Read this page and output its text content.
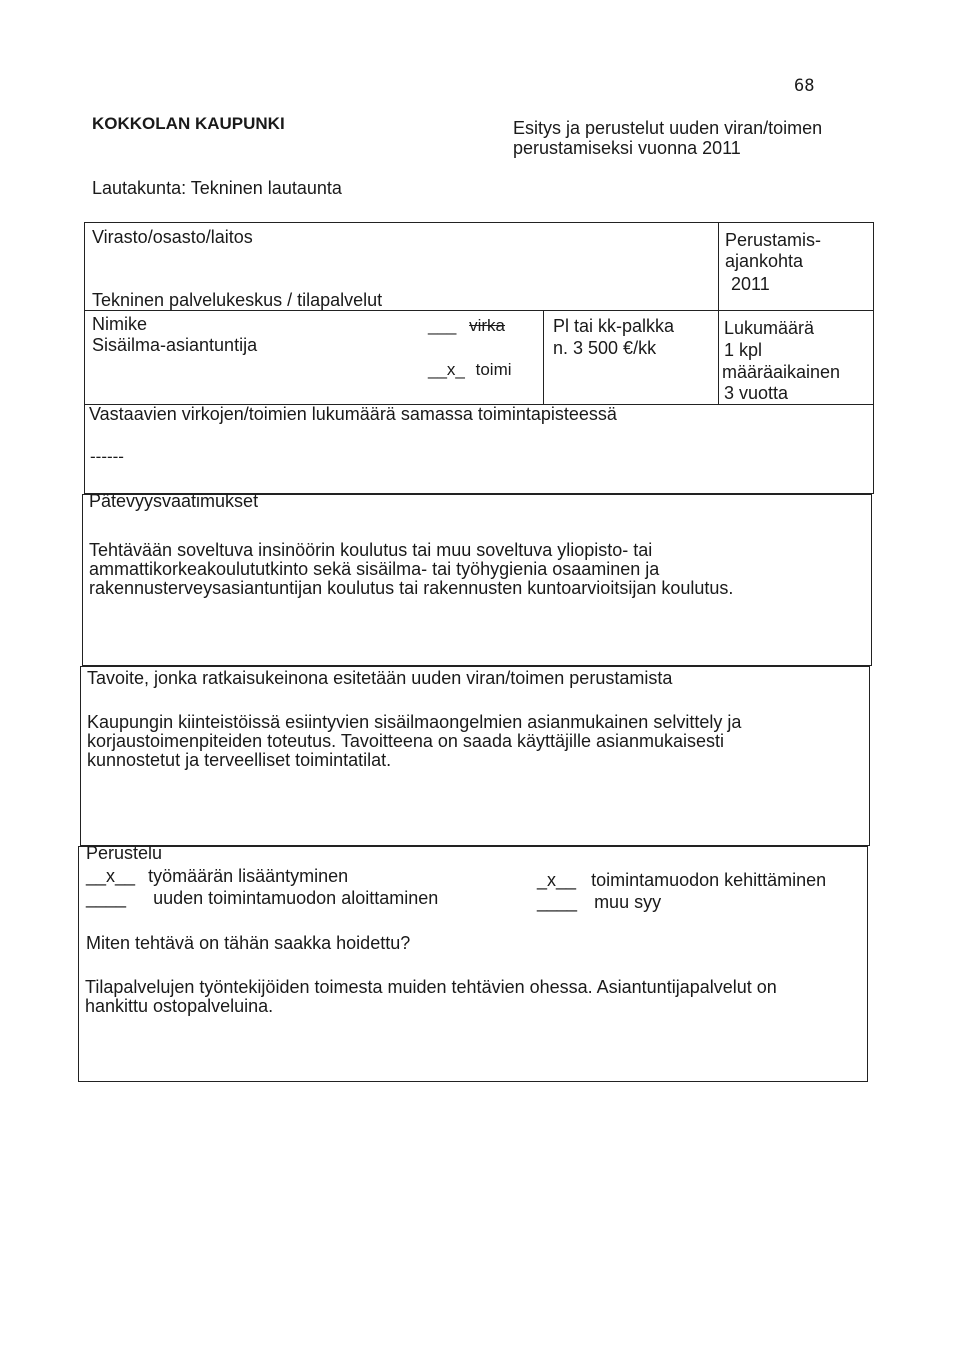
68
KOKKOLAN KAUPUNKI	Esitys ja perustelut uuden viran/toimen
perustamiseksi vuonna 2011
Lautakunta: Tekninen lautaunta
Virasto/osasto/laitos
Tekninen palvelukeskus / tilapalvelut
Perustamis-
ajankohta
2011
Nimike
Sisäilma-asiantuntija
___ virka
__x_ toimi
Pl tai kk-palkka
n. 3 500 €/kk
Lukumäärä
1 kpl
määräaikainen
3 vuotta
Vastaavien virkojen/toimien lukumäärä samassa toimintapisteessä
------
Pätevyysvaatimukset
Tehtävään soveltuva insinöörin koulutus tai muu soveltuva yliopisto- tai
ammattikorkeakoulututkinto sekä sisäilma- tai työhygienia osaaminen ja
rakennusterveysasiantuntijan koulutus tai rakennusten kuntoarvioitsijan koulutus.
Tavoite, jonka ratkaisukeinona esitetään uuden viran/toimen perustamista
Kaupungin kiinteistöissä esiintyvien sisäilmaongelmien asianmukainen selvittely ja
korjaustoimenpiteiden toteutus. Tavoitteena on saada käyttäjille asianmukaisesti
kunnostetut ja terveelliset toimintatilat.
Perustelu
__x__ työmäärän lisääntyminen
____ uuden toimintamuodon aloittaminen
_x__ toimintamuodon kehittäminen
____ muu syy
Miten tehtävä on tähän saakka hoidettu?
Tilapalvelujen työntekijöiden toimesta muiden tehtävien ohessa. Asiantuntijapalvelut on
hankittu ostopalveluina.
